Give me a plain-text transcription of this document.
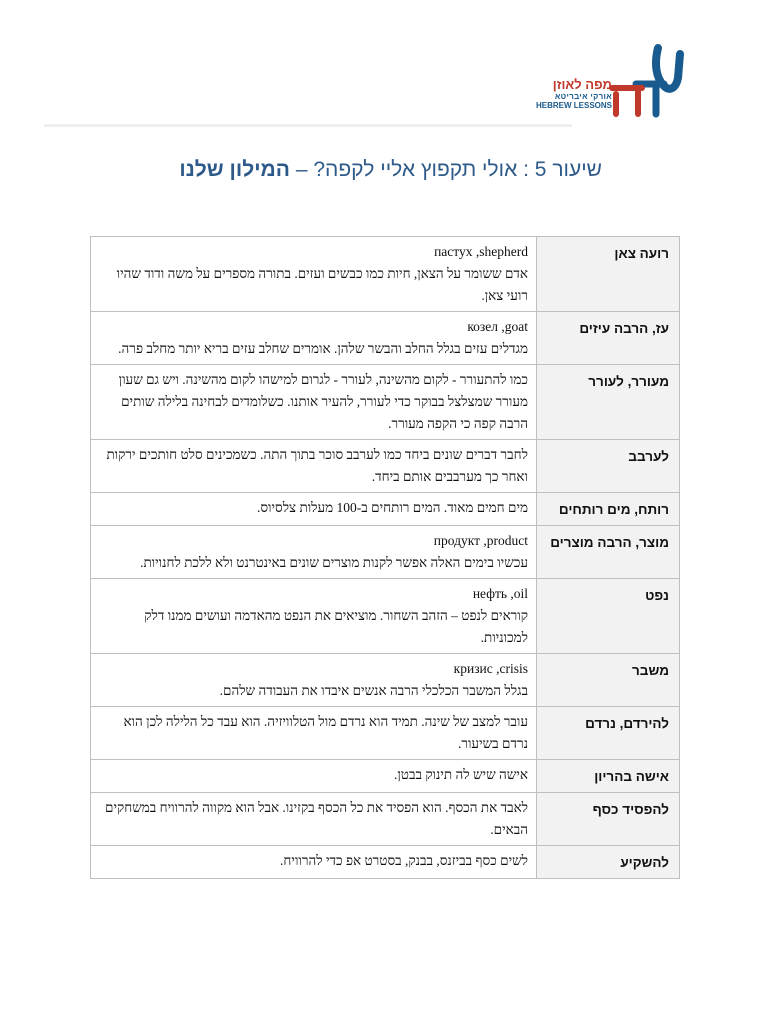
מפה לאוזן
אורקי איבריטא
HEBREW LESSONS
שיעור 5 : אולי תקפוץ אליי לקפה? – המילון שלנו
רועה צאן	пастух ,shepherd
אדם ששומר על הצאן, חיות כמו כבשים ועזים. בתורה מספרים על משה ודוד שהיו רועי צאן.

עז, הרבה עיזים	козел ,goat
מגדלים עזים בגלל החלב והבשר שלהן. אומרים שחלב עזים בריא יותר מחלב פרה.

מעורר, לעורר	כמו להתעורר - לקום מהשינה, לעורר - לגרום למישהו לקום מהשינה. ויש גם שעון מעורר שמצלצל בבוקר כדי לעורר, להעיר אותנו. כשלומדים לבחינה בלילה שותים הרבה קפה כי הקפה מעורר.

לערבב	לחבר דברים שונים ביחד כמו לערבב סוכר בתוך התה. כשמכינים סלט חותכים ירקות ואחר כך מערבבים אותם ביחד.

רותח, מים רותחים	מים חמים מאוד. המים רותחים ב-100 מעלות צלסיוס.

מוצר, הרבה מוצרים	продукт ,product
עכשיו בימים האלה אפשר לקנות מוצרים שונים באינטרנט ולא ללכת לחנויות.

נפט	нефть ,oil
קוראים לנפט – הזהב השחור. מוציאים את הנפט מהאדמה ועושים ממנו דלק למכוניות.

משבר	кризис ,crisis
בגלל המשבר הכלכלי הרבה אנשים איבדו את העבודה שלהם.

להירדם, נרדם	עובר למצב של שינה. תמיד הוא נרדם מול הטלוויזיה. הוא עבד כל הלילה לכן הוא נרדם בשיעור.

אישה בהריון	אישה שיש לה תינוק בבטן.

להפסיד כסף	לאבד את הכסף. הוא הפסיד את כל הכסף בקזינו. אבל הוא מקווה להרוויח במשחקים הבאים.

להשקיע	לשים כסף בביזנס, בבנק, בסטרט אפ כדי להרוויח.
